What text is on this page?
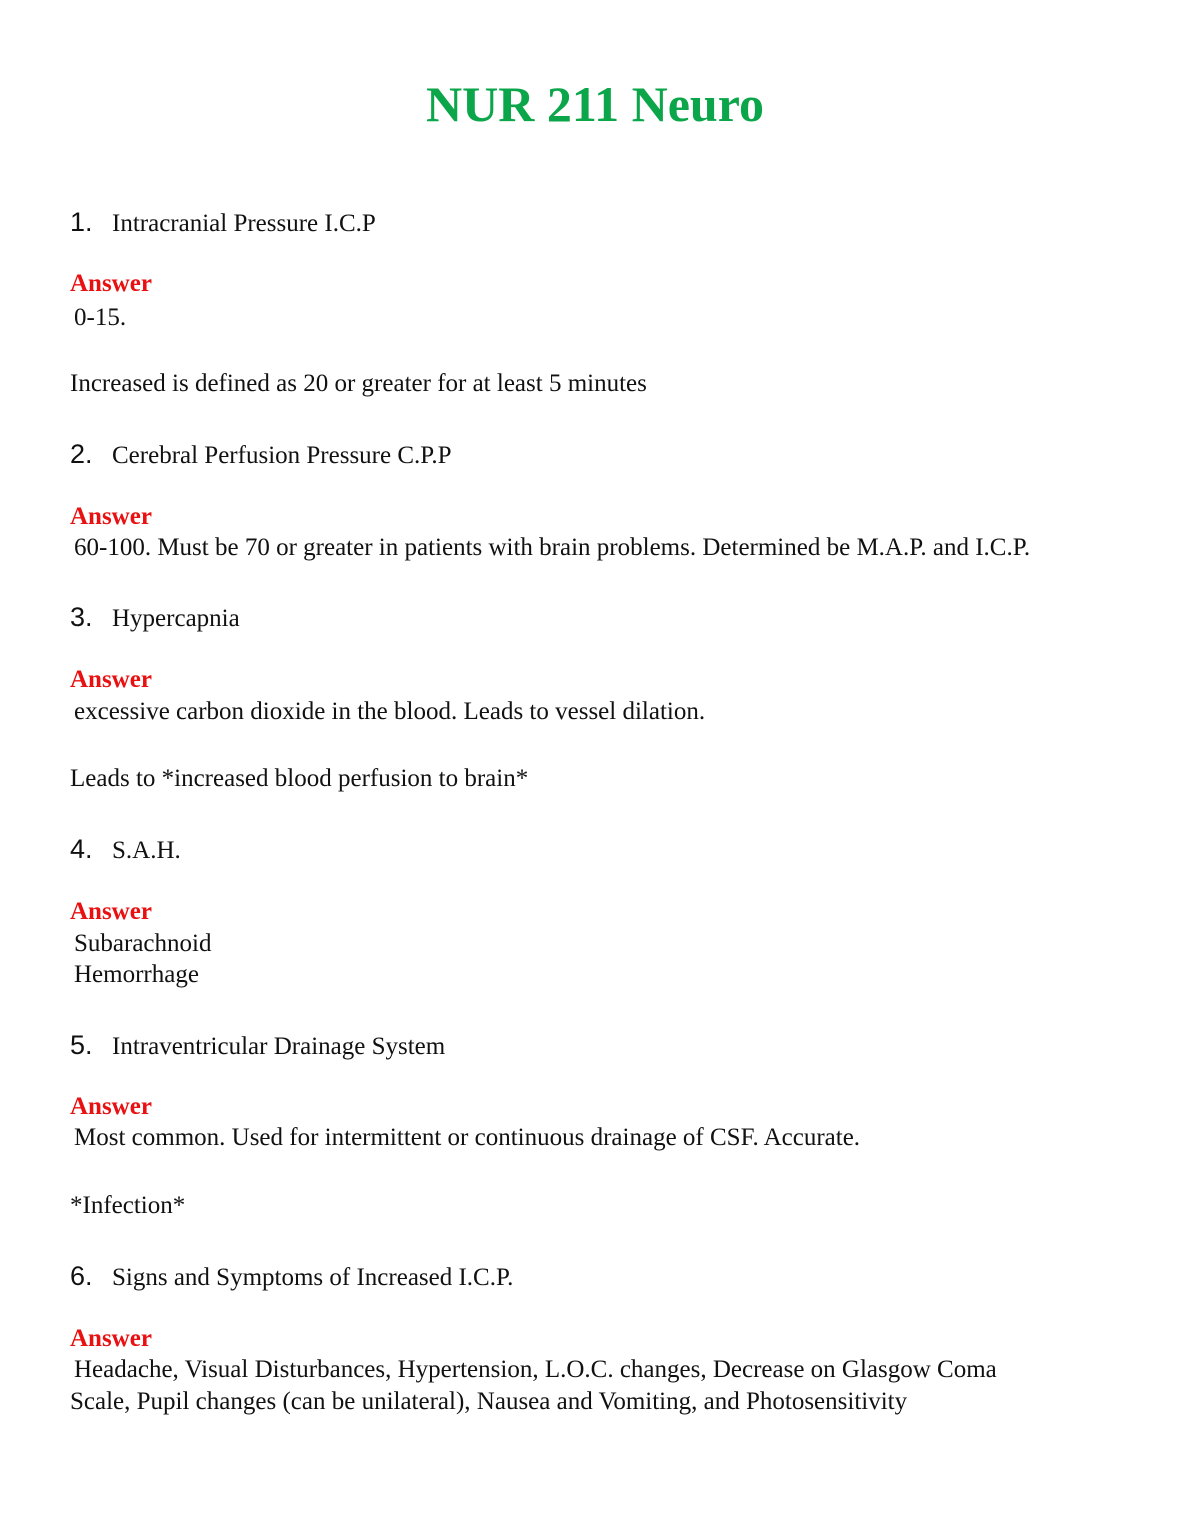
NUR 211 Neuro
1. Intracranial Pressure I.C.P
Answer
0-15.
Increased is defined as 20 or greater for at least 5 minutes
2. Cerebral Perfusion Pressure C.P.P
Answer
60-100. Must be 70 or greater in patients with brain problems. Determined be M.A.P. and I.C.P.
3. Hypercapnia
Answer
excessive carbon dioxide in the blood. Leads to vessel dilation.
Leads to *increased blood perfusion to brain*
4. S.A.H.
Answer
Subarachnoid
Hemorrhage
5. Intraventricular Drainage System
Answer
Most common. Used for intermittent or continuous drainage of CSF. Accurate.
*Infection*
6. Signs and Symptoms of Increased I.C.P.
Answer
Headache, Visual Disturbances, Hypertension, L.O.C. changes, Decrease on Glasgow Coma
Scale, Pupil changes (can be unilateral), Nausea and Vomiting, and Photosensitivity
